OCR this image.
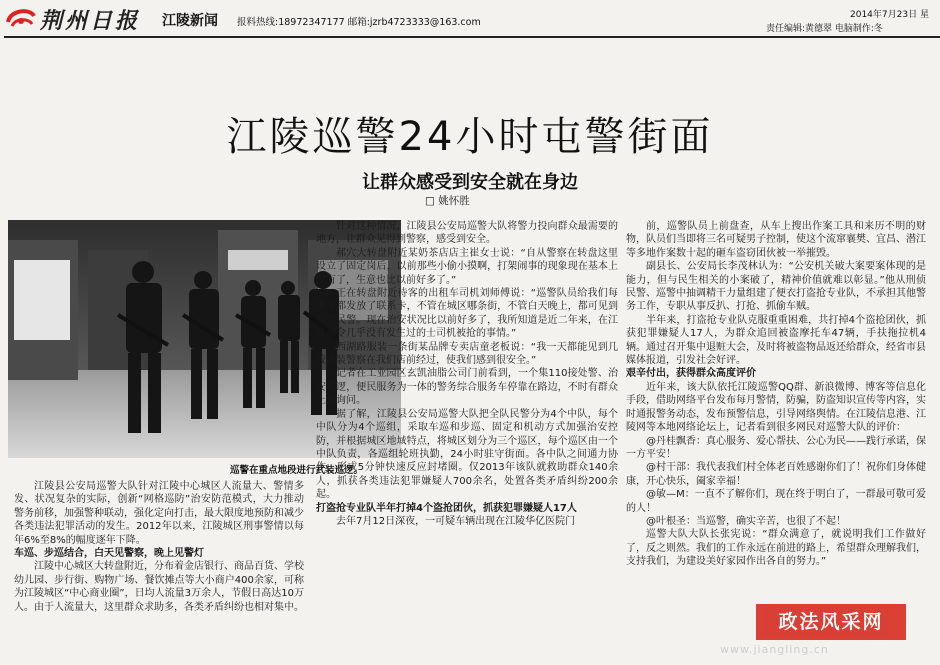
荆州日报 江陵新闻 报料热线:18972347177 邮箱:jzrb4723333@163.com
2014年7月23日 星
责任编辑:黄德翠 电脑制作:冬
江陵巡警24小时屯警街面
让群众感受到安全就在身边
□ 姚怀胜
巡警在重点地段进行武装巡逻。

江陵县公安局巡警大队针对江陵中心城区人流量大、警情多发、状况复杂的实际，创新“网格巡防”治安防范模式，大力推动警务前移，加强警种联动，强化定向打击，最大限度地预防和减少各类违法犯罪活动的发生。2012年以来，江陵城区刑事警情以每年6%至8%的幅度逐年下降。

车巡、步巡结合，白天见警察，晚上见警灯

江陵中心城区大转盘附近，分布着金店银行、商品百货、学校幼儿园、步行街、购物广场、餐饮摊点等大小商户400余家，可称为江陵城区“中心商业圈”，日均人流量3万余人，节假日高达10万人。由于人流量大，这里群众求助多，各类矛盾纠纷也相对集中。

针对这种情况，江陵县公安局巡警大队将警力投向群众最需要的地方，让群众见得到警察，感受到安全。

郝穴大转盘附近某奶茶店店主崔女士说：“自从警察在转盘这里设立了固定岗后，以前那些小偷小摸啊，打架闹事的现象现在基本上没有了，生意也比以前好多了。”

正在转盘附近待客的出租车司机刘师傅说：“巡警队员给我们每辆车都发放了联系卡，不管在城区哪条街，不管白天晚上，都可见到巡逻民警。现在治安状况比以前好多了，我所知道是近二年来，在江陵城令几乎没有发生过的士司机被抢的事情。”

西湖路服装一条街某品牌专卖店童老板说：“我一天都能见到几拨武装警察在我们店前经过，使我们感到很安全。”

记者在工业园区玄凯油脂公司门前看到，一个集110接处警、治安巡逻，便民服务为一体的警务综合服务车停靠在路边，不时有群众上前询问。

据了解，江陵县公安局巡警大队把全队民警分为4个中队，每个中队分为4个巡组，采取车巡和步巡、固定和机动方式加强治安控防，并根据城区地域特点，将城区划分为三个巡区，每个巡区由一个中队负责，各巡组轮班执勤，24小时驻守街面。各中队之间通力协作、形成5分钟快速反应封堵圈。仅2013年该队就救助群众140余人，抓获各类违法犯罪嫌疑人700余名，处置各类矛盾纠纷200余起。

打盗抢专业队半年打掉4个盗抢团伙，抓获犯罪嫌疑人17人

去年7月12日深夜，一可疑车辆出现在江陵华亿医院门

前，巡警队员上前盘查，从车上搜出作案工具和来历不明的财物，队员们当即将三名可疑男子控制，使这个流窜襄樊、宜昌、潜江等多地作案数十起的砸车盗窃团伙被一举摧毁。

副县长、公安局长李茂林认为：“公安机关破大案要案体现的是能力，但与民生相关的小案破了，精神价值就难以彰显。”他从刑侦民警、巡警中抽调精干力量组建了便衣打盗抢专业队，不承担其他警务工作，专职从事反扒、打抢、抓偷车贼。

半年来，打盗抢专业队克服重重困难，共打掉4个盗抢团伙，抓获犯罪嫌疑人17人，为群众追回被盗摩托车47辆，手扶拖拉机4辆。通过召开集中退赃大会，及时将被盗物品返还给群众，经省市县媒体报道，引发社会好评。

艰辛付出，获得群众高度评价

近年来，该大队依托江陵巡警QQ群、新浪微博、博客等信息化手段，借助网络平台发布每月警情，防骗，防盗知识宣传等内容，实时通报警务动态，发布预警信息，引导网络舆情。在江陵信息港、江陵网等本地网络论坛上，记者看到很多网民对巡警大队的评价：

@丹桂飘香：真心服务、爱心帮扶、公心为民——践行承诺，保一方平安！

@村干部：我代表我们村全体老百姓感谢你们了！祝你们身体健康，开心快乐，阖家幸福！

@敏—M：一直不了解你们，现在终于明白了，一群最可敬可爱的人！

@叶根圣：当巡警，确实辛苦，也很了不起！

巡警大队大队长张宪说：“群众满意了，就说明我们工作做好了，反之则然。我们的工作永远在前进的路上，希望群众理解我们，支持我们，为建设美好家园作出各自的努力。”

政法风采网
www.jiangling.cn
